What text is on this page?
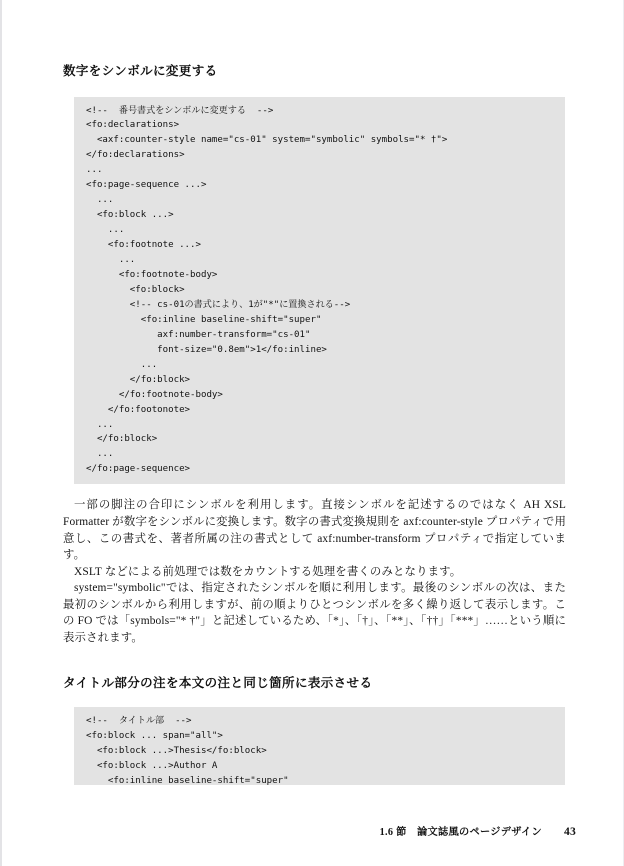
数字をシンボルに変更する
<!--  番号書式をシンボルに変更する  -->
<fo:declarations>
<axf:counter-style name="cs-01" system="symbolic" symbols="* †">
</fo:declarations>
...
<fo:page-sequence ...>
...
<fo:block ...>
...
<fo:footnote ...>
...
<fo:footnote-body>
<fo:block>
<!-- cs-01の書式により、1が"*"に置換される-->
<fo:inline baseline-shift="super"
axf:number-transform="cs-01"
font-size="0.8em">1</fo:inline>
...
</fo:block>
</fo:footnote-body>
</fo:footonote>
...
</fo:block>
...
</fo:page-sequence>

一部の脚注の合印にシンボルを利用します。直接シンボルを記述するのではなく AH XSL Formatter が数字をシンボルに変換します。数字の書式変換規則を axf:counter-style プロパティで用意し、この書式を、著者所属の注の書式として axf:number-transform プロパティで指定しています。

XSLT などによる前処理では数をカウントする処理を書くのみとなります。

system="symbolic"では、指定されたシンボルを順に利用します。最後のシンボルの次は、また最初のシンボルから利用しますが、前の順よりひとつシンボルを多く繰り返して表示します。この FO では「symbols="* †"」と記述しているため、「*」、「†」、「**」、「††」「***」……という順に表示されます。

タイトル部分の注を本文の注と同じ箇所に表示させる
<!--  タイトル部  -->
<fo:block ... span="all">
<fo:block ...>Thesis</fo:block>
<fo:block ...>Author A
<fo:inline baseline-shift="super"
1.6 節　論文誌風のページデザイン 43
